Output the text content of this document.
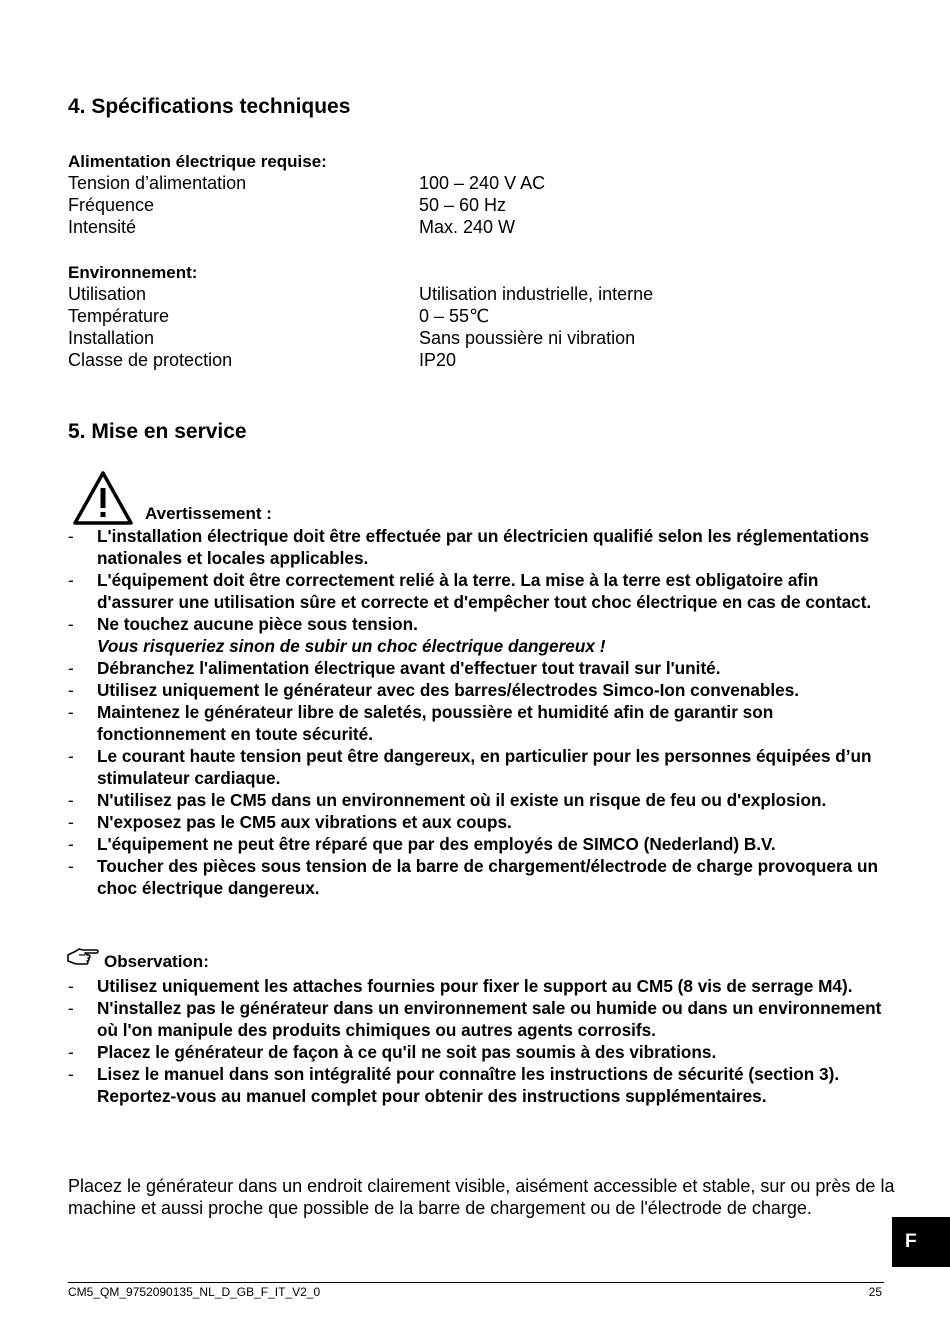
4. Spécifications techniques
Alimentation électrique requise:
Tension d’alimentation	100 – 240 V AC
Fréquence	50 – 60 Hz
Intensité	Max. 240 W
Environnement:
Utilisation	Utilisation industrielle, interne
Température	0 – 55℃
Installation	Sans poussière ni vibration
Classe de protection	IP20
5. Mise en service
Avertissement :
- L'installation électrique doit être effectuée par un électricien qualifié selon les réglementations nationales et locales applicables.
- L'équipement doit être correctement relié à la terre. La mise à la terre est obligatoire afin d'assurer une utilisation sûre et correcte et d'empêcher tout choc électrique en cas de contact.
- Ne touchez aucune pièce sous tension.
Vous risqueriez sinon de subir un choc électrique dangereux !
- Débranchez l'alimentation électrique avant d'effectuer tout travail sur l'unité.
- Utilisez uniquement le générateur avec des barres/électrodes Simco-Ion convenables.
- Maintenez le générateur libre de saletés, poussière et humidité afin de garantir son fonctionnement en toute sécurité.
- Le courant haute tension peut être dangereux, en particulier pour les personnes équipées d’un stimulateur cardiaque.
- N'utilisez pas le CM5 dans un environnement où il existe un risque de feu ou d'explosion.
- N'exposez pas le CM5 aux vibrations et aux coups.
- L'équipement ne peut être réparé que par des employés de SIMCO (Nederland) B.V.
- Toucher des pièces sous tension de la barre de chargement/électrode de charge provoquera un choc électrique dangereux.
Observation:
- Utilisez uniquement les attaches fournies pour fixer le support au CM5 (8 vis de serrage M4).
- N'installez pas le générateur dans un environnement sale ou humide ou dans un environnement où l'on manipule des produits chimiques ou autres agents corrosifs.
- Placez le générateur de façon à ce qu'il ne soit pas soumis à des vibrations.
- Lisez le manuel dans son intégralité pour connaître les instructions de sécurité (section 3). Reportez-vous au manuel complet pour obtenir des instructions supplémentaires.

Placez le générateur dans un endroit clairement visible, aisément accessible et stable, sur ou près de la machine et aussi proche que possible de la barre de chargement ou de l'électrode de charge.

F
CM5_QM_9752090135_NL_D_GB_F_IT_V2_0	25
